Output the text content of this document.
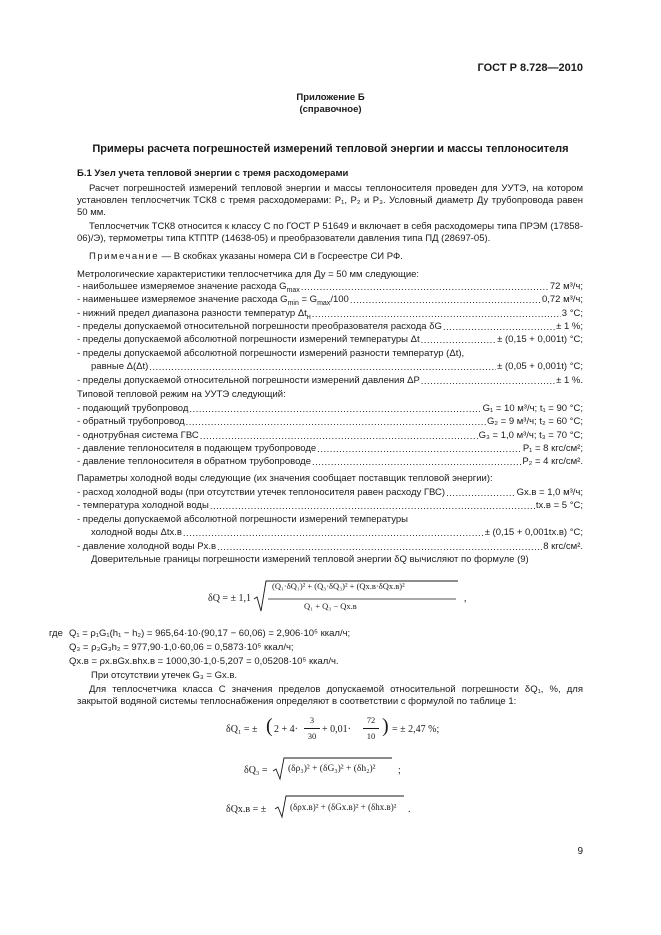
ГОСТ Р 8.728—2010
Приложение Б
(справочное)
Примеры расчета погрешностей измерений тепловой энергии и массы теплоносителя
Б.1 Узел учета тепловой энергии с тремя расходомерами
Расчет погрешностей измерений тепловой энергии и массы теплоносителя проведен для УУТЭ, на котором установлен теплосчетчик ТСК8 с тремя расходомерами: P₁, P₂ и P₃. Условный диаметр Ду трубопровода равен 50 мм.
Теплосчетчик ТСК8 относится к классу С по ГОСТ Р 51649 и включает в себя расходомеры типа ПРЭМ (17858-06)/Э), термометры типа КТПТР (14638-05) и преобразователи давления типа ПД (28697-05).
Примечание — В скобках указаны номера СИ в Госреестре СИ РФ.
Метрологические характеристики теплосчетчика для Ду = 50 мм следующие:
- наибольшее измеряемое значение расхода $G_{max}$ .....	72 м³/ч;
- наименьшее измеряемое значение расхода $G_{min} = G_{max}/100$ .....	0,72 м³/ч;
- нижний предел диапазона разности температур $\Delta t_н$ .....	3 °С;
- пределы допускаемой относительной погрешности преобразователя расхода δG .....	± 1 %;
- пределы допускаемой абсолютной погрешности измерений температуры Δt .....	± (0,15 + 0,001t) °С;
- пределы допускаемой абсолютной погрешности измерений разности температур (Δt),
равные Δ(Δt) .....	± (0,05 + 0,001t) °С;
- пределы допускаемой относительной погрешности измерений давления ΔP .....	± 1 %.
Типовой тепловой режим на УУТЭ следующий:
- подающий трубопровод .....	G₁ = 10 м³/ч; t₁ = 90 °С;
- обратный трубопровод .....	G₂ = 9 м³/ч; t₂ = 60 °С;
- однотрубная система ГВС .....	G₃ = 1,0 м³/ч; t₃ = 70 °С;
- давление теплоносителя в подающем трубопроводе .....	P₁ = 8 кгс/см²;
- давление теплоносителя в обратном трубопроводе .....	P₂ = 4 кгс/см².
Параметры холодной воды следующие (их значения сообщает поставщик тепловой энергии):
- расход холодной воды (при отсутствии утечек теплоносителя равен расходу ГВС) .....	Gх.в = 1,0 м³/ч;
- температура холодной воды .....	tх.в = 5 °С;
- пределы допускаемой абсолютной погрешности измерений температуры
холодной воды Δtх.в .....	± (0,15 + 0,001tх.в) °С;
- давление холодной воды Pх.в .....	8 кгс/см².
Доверительные границы погрешности измерений тепловой энергии δQ вычисляют по формуле (9)
δQ = ± 1,1
(Q₁·δQ₁)² + (Q₃·δQ₃)² + (Qх.в·δQх.в)²
Q₁ + Q₃ − Qх.в
,
где Q₁ = ρ₁G₁(h₁ − h₂) = 965,64·10·(90,17 − 60,06) = 2,906·10⁵ ккал/ч;
Q₃ = ρ₃G₃h₂ = 977,90·1,0·60,06 = 0,5873·10⁵ ккал/ч;
Qх.в = ρх.вGх.вhх.в = 1000,30·1,0·5,207 = 0,05208·10⁵ ккал/ч.
При отсутствии утечек G₃ = Gх.в.
Для теплосчетчика класса С значения пределов допускаемой относительной погрешности δQ₁, %, для закрытой водяной системы теплоснабжения определяют в соответствии с формулой по таблице 1:
δQ₁ = ± ( 2 + 4·
3
30
+ 0,01·
72
10 ) = ± 2,47 %;
δQ₃ = (δρ₃)² + (δG₃)² + (δh₂)² ;
δQх.в = ±	(δρх.в)² + (δGх.в)² + (δhх.в)² .
9
